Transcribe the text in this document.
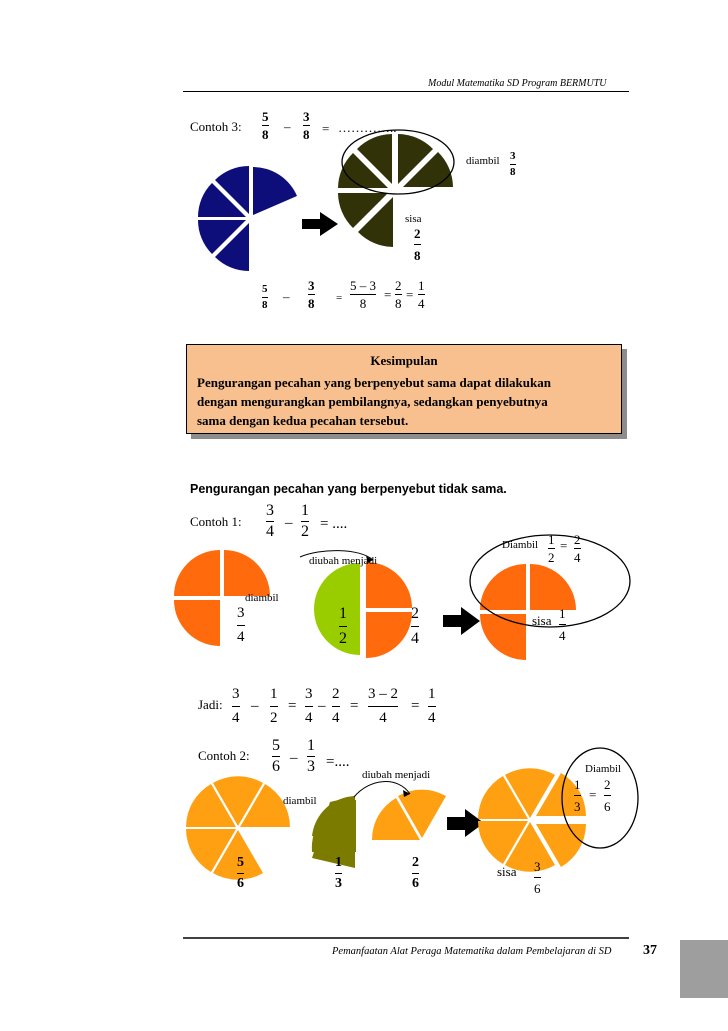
Modul Matematika SD Program BERMUTU
Contoh 3:
5
8
–
3
8 = …………..
diambil 3
8
sisa
2
8
5
8
–
3
8 =
5 – 3
8
=
2
8
=
1
4
Kesimpulan
Pengurangan pecahan yang berpenyebut sama dapat dilakukan
dengan mengurangkan pembilangnya, sedangkan penyebutnya
sama dengan kedua pecahan tersebut.
Pengurangan pecahan yang berpenyebut tidak sama.
Contoh 1:
3
4 –
1
2 = ....
diubah menjadi
diambil
Diambil 1
2
= 2
4
3
4
1
2
2
4
sisa 1
4
Jadi:
3
4
–
1
2
=
3
4
–
2
4
=
3 – 2
4
=
1
4
Contoh 2:
5
6 –
1
3 =....
diubah menjadi
diambil
Diambil
1
3
=
2
6
5
6
1
3
2
6
sisa 3
6
Pemanfaatan Alat Peraga Matematika dalam Pembelajaran di SD 37
